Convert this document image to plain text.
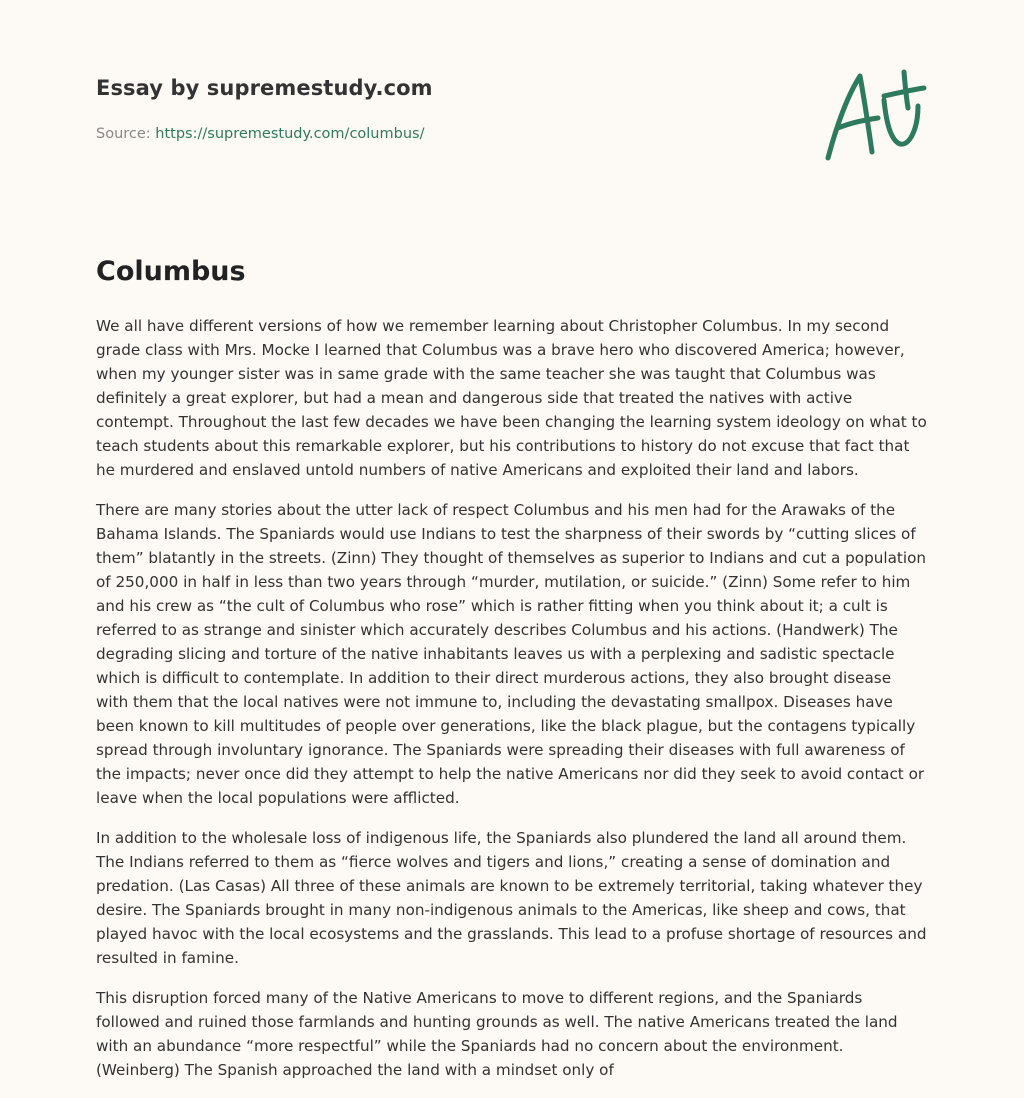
Essay by supremestudy.com
Source: https://supremestudy.com/columbus/
Columbus

We all have different versions of how we remember learning about Christopher Columbus. In my second grade class with Mrs. Mocke I learned that Columbus was a brave hero who discovered America; however, when my younger sister was in same grade with the same teacher she was taught that Columbus was definitely a great explorer, but had a mean and dangerous side that treated the natives with active contempt. Throughout the last few decades we have been changing the learning system ideology on what to teach students about this remarkable explorer, but his contributions to history do not excuse that fact that he murdered and enslaved untold numbers of native Americans and exploited their land and labors.

There are many stories about the utter lack of respect Columbus and his men had for the Arawaks of the Bahama Islands. The Spaniards would use Indians to test the sharpness of their swords by “cutting slices of them” blatantly in the streets. (Zinn) They thought of themselves as superior to Indians and cut a population of 250,000 in half in less than two years through “murder, mutilation, or suicide.” (Zinn) Some refer to him and his crew as “the cult of Columbus who rose” which is rather fitting when you think about it; a cult is referred to as strange and sinister which accurately describes Columbus and his actions. (Handwerk) The degrading slicing and torture of the native inhabitants leaves us with a perplexing and sadistic spectacle which is difficult to contemplate. In addition to their direct murderous actions, they also brought disease with them that the local natives were not immune to, including the devastating smallpox. Diseases have been known to kill multitudes of people over generations, like the black plague, but the contagens typically spread through involuntary ignorance. The Spaniards were spreading their diseases with full awareness of the impacts; never once did they attempt to help the native Americans nor did they seek to avoid contact or leave when the local populations were afflicted.

In addition to the wholesale loss of indigenous life, the Spaniards also plundered the land all around them. The Indians referred to them as “fierce wolves and tigers and lions,” creating a sense of domination and predation. (Las Casas) All three of these animals are known to be extremely territorial, taking whatever they desire. The Spaniards brought in many non-indigenous animals to the Americas, like sheep and cows, that played havoc with the local ecosystems and the grasslands. This lead to a profuse shortage of resources and resulted in famine.

This disruption forced many of the Native Americans to move to different regions, and the Spaniards followed and ruined those farmlands and hunting grounds as well. The native Americans treated the land with an abundance “more respectful” while the Spaniards had no concern about the environment. (Weinberg) The Spanish approached the land with a mindset only of
